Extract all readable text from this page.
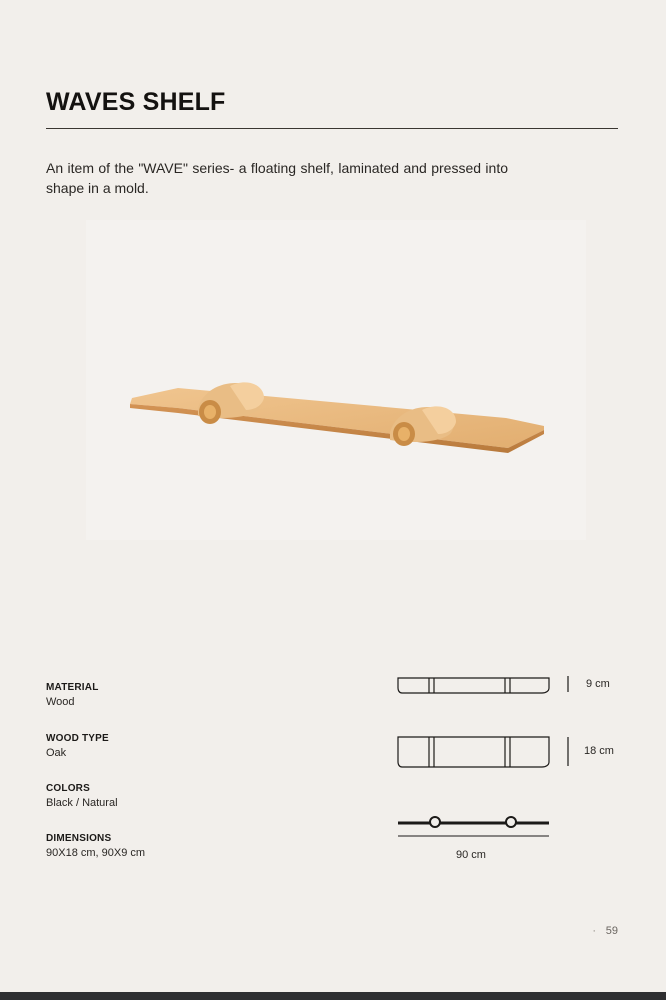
WAVES SHELF
An item of the "WAVE" series- a floating shelf, laminated and pressed into shape in a mold.
MATERIAL
Wood
WOOD TYPE
Oak
COLORS
Black / Natural
DIMENSIONS
90X18 cm, 90X9 cm
9 cm
18 cm
90 cm
· 59
